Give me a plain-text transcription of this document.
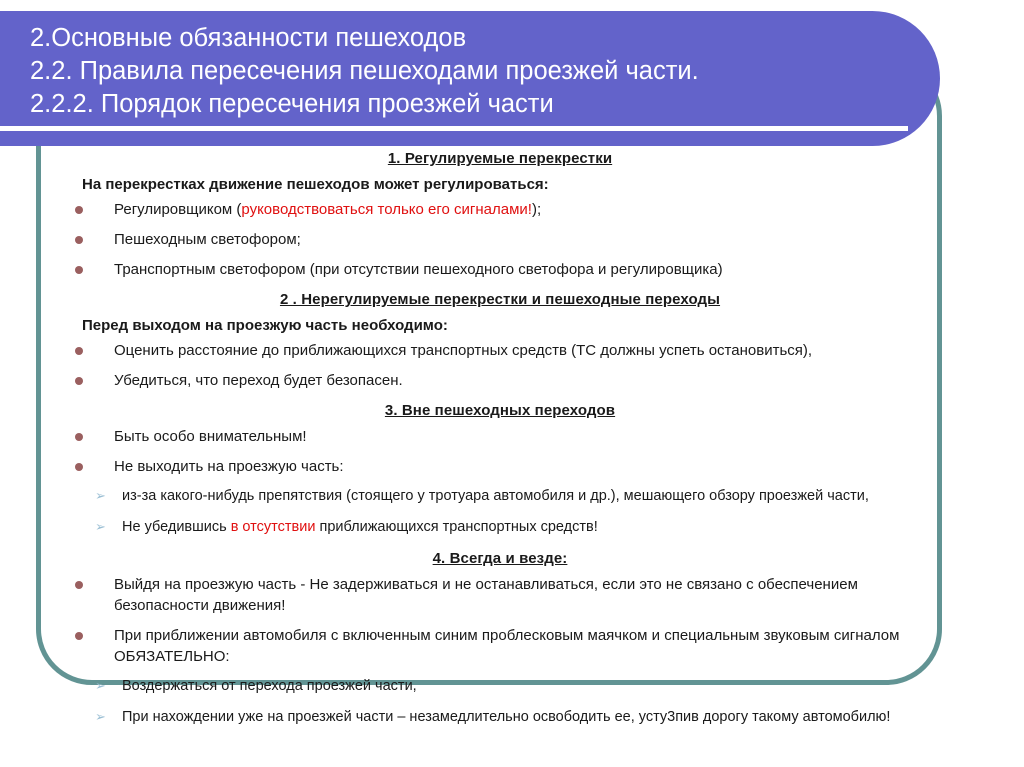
2.Основные обязанности пешеходов
2.2. Правила пересечения пешеходами проезжей части.
2.2.2. Порядок пересечения проезжей части

1. Регулируемые перекрестки

На перекрестках движение пешеходов может регулироваться:

Регулировщиком (руководствоваться только его сигналами!);
Пешеходным светофором;
Транспортным светофором (при отсутствии пешеходного светофора и регулировщика)

2 . Нерегулируемые перекрестки и пешеходные переходы

Перед выходом на проезжую часть необходимо:

Оценить расстояние до приближающихся транспортных средств (ТС должны успеть остановиться),
Убедиться, что переход будет безопасен.

3. Вне пешеходных переходов

Быть особо внимательным!
Не выходить на проезжую часть:
➢ из-за какого-нибудь препятствия (стоящего у тротуара автомобиля и др.), мешающего обзору проезжей части,
➢ Не убедившись в отсутствии приближающихся транспортных средств!

4. Всегда и везде:

Выйдя на проезжую часть - Не задерживаться и не останавливаться, если это не связано с обеспечением безопасности движения!
При приближении автомобиля с включенным синим проблесковым маячком и специальным звуковым сигналом ОБЯЗАТЕЛЬНО:
➢ Воздержаться от перехода проезжей части,
➢ При нахождении уже на проезжей части – незамедлительно освободить ее, усту3пив дорогу такому автомобилю!
